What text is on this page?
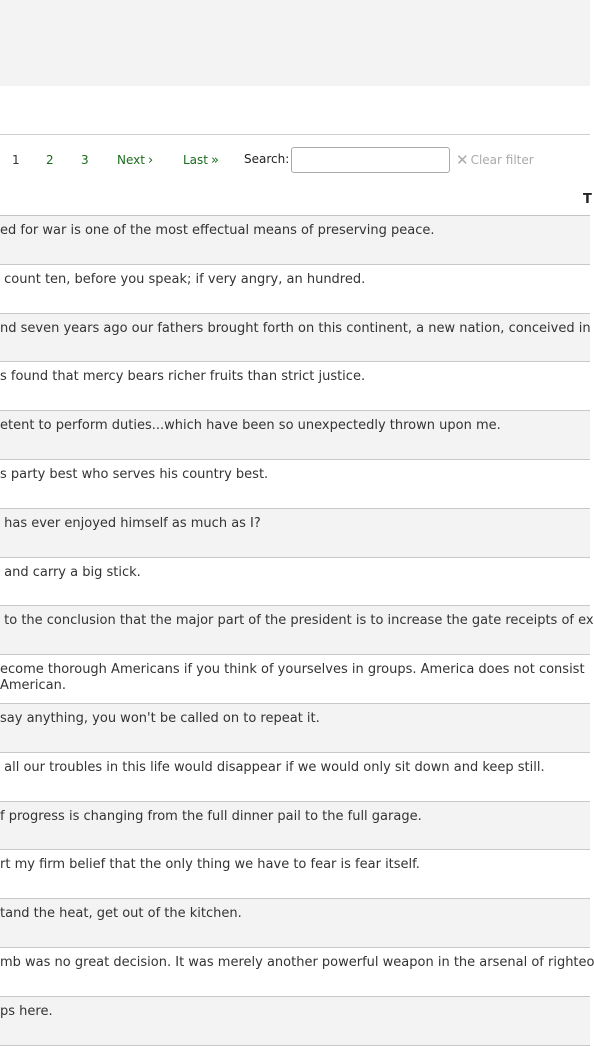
1 2 3 Next › Last » Search:	✕ Clear filter
T
ed for war is one of the most effectual means of preserving peace.
count ten, before you speak; if very angry, an hundred.
nd seven years ago our fathers brought forth on this continent, a new nation, conceived in
s found that mercy bears richer fruits than strict justice.
etent to perform duties...which have been so unexpectedly thrown upon me.
s party best who serves his country best.
has ever enjoyed himself as much as I?
and carry a big stick.
to the conclusion that the major part of the president is to increase the gate receipts of ex
ecome thorough Americans if you think of yourselves in groups. America does not consist
American.
say anything, you won't be called on to repeat it.
all our troubles in this life would disappear if we would only sit down and keep still.
f progress is changing from the full dinner pail to the full garage.
rt my firm belief that the only thing we have to fear is fear itself.
tand the heat, get out of the kitchen.
mb was no great decision. It was merely another powerful weapon in the arsenal of righteo
ps here.
